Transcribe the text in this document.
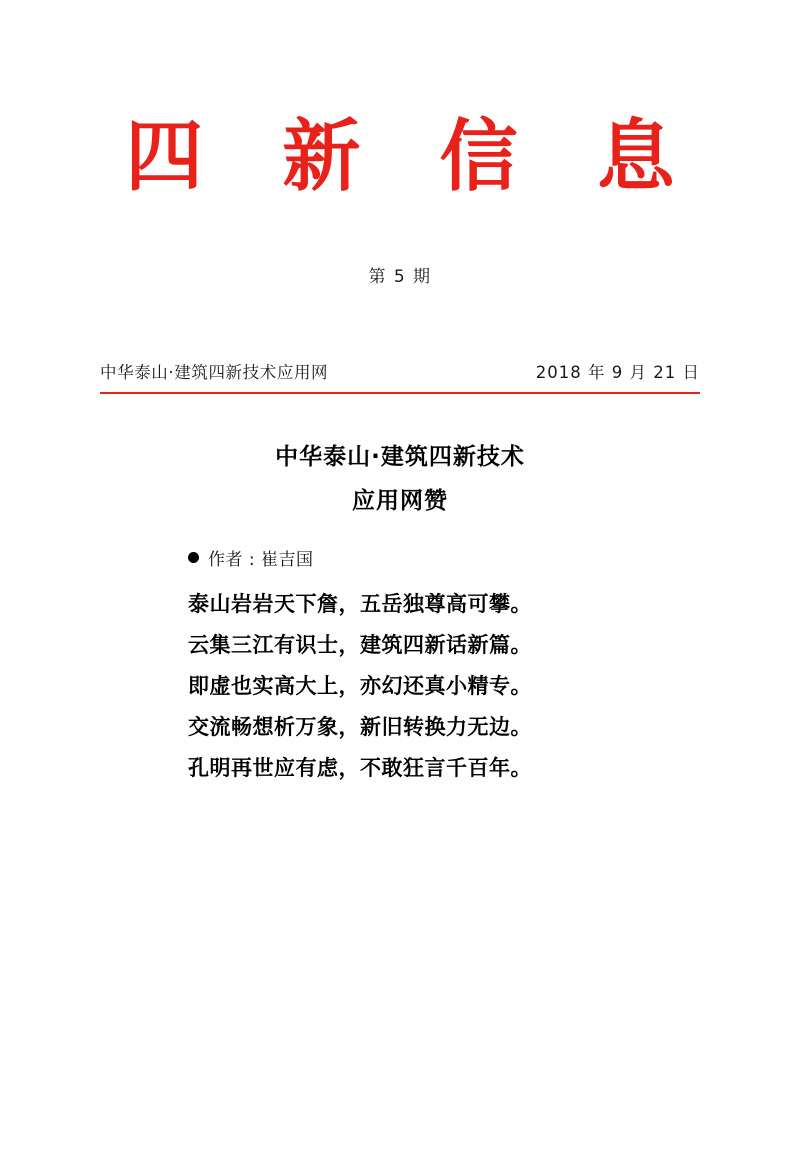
四 新 信 息
第 5 期
中华泰山·建筑四新技术应用网	2018 年 9 月 21 日
中华泰山·建筑四新技术
应用网赞
作者 : 崔吉国
泰山岩岩天下詹，五岳独尊高可攀。
云集三江有识士，建筑四新话新篇。
即虚也实高大上，亦幻还真小精专。
交流畅想析万象，新旧转换力无边。
孔明再世应有虑，不敢狂言千百年。
